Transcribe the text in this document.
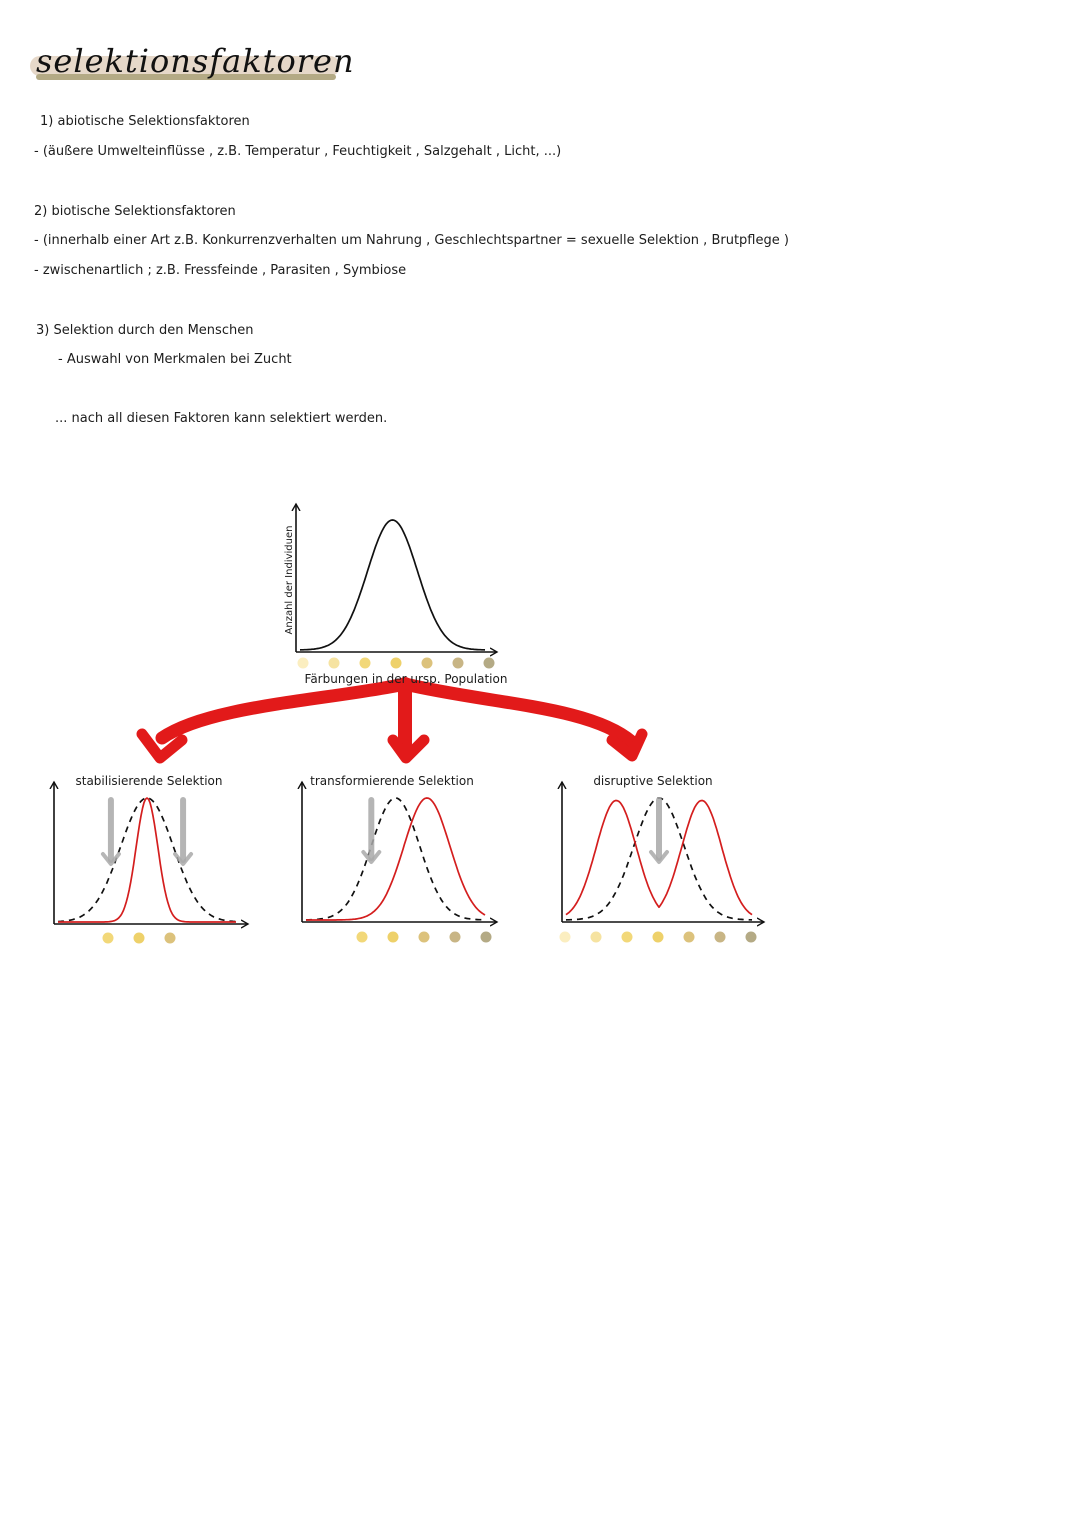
selektionsfaktoren
1) abiotische Selektionsfaktoren
- (äußere Umwelteinflüsse , z.B. Temperatur , Feuchtigkeit , Salzgehalt , Licht, ...)
2) biotische Selektionsfaktoren
- (innerhalb einer Art z.B. Konkurrenzverhalten um Nahrung , Geschlechtspartner = sexuelle Selektion , Brutpflege )
- zwischenartlich ; z.B. Fressfeinde , Parasiten , Symbiose
3) Selektion durch den Menschen
- Auswahl von Merkmalen bei Zucht
... nach all diesen Faktoren kann selektiert werden.
Färbungen in der ursp. Population
Anzahl der Individuen
stabilisierende Selektion	transformierende Selektion	disruptive Selektion
